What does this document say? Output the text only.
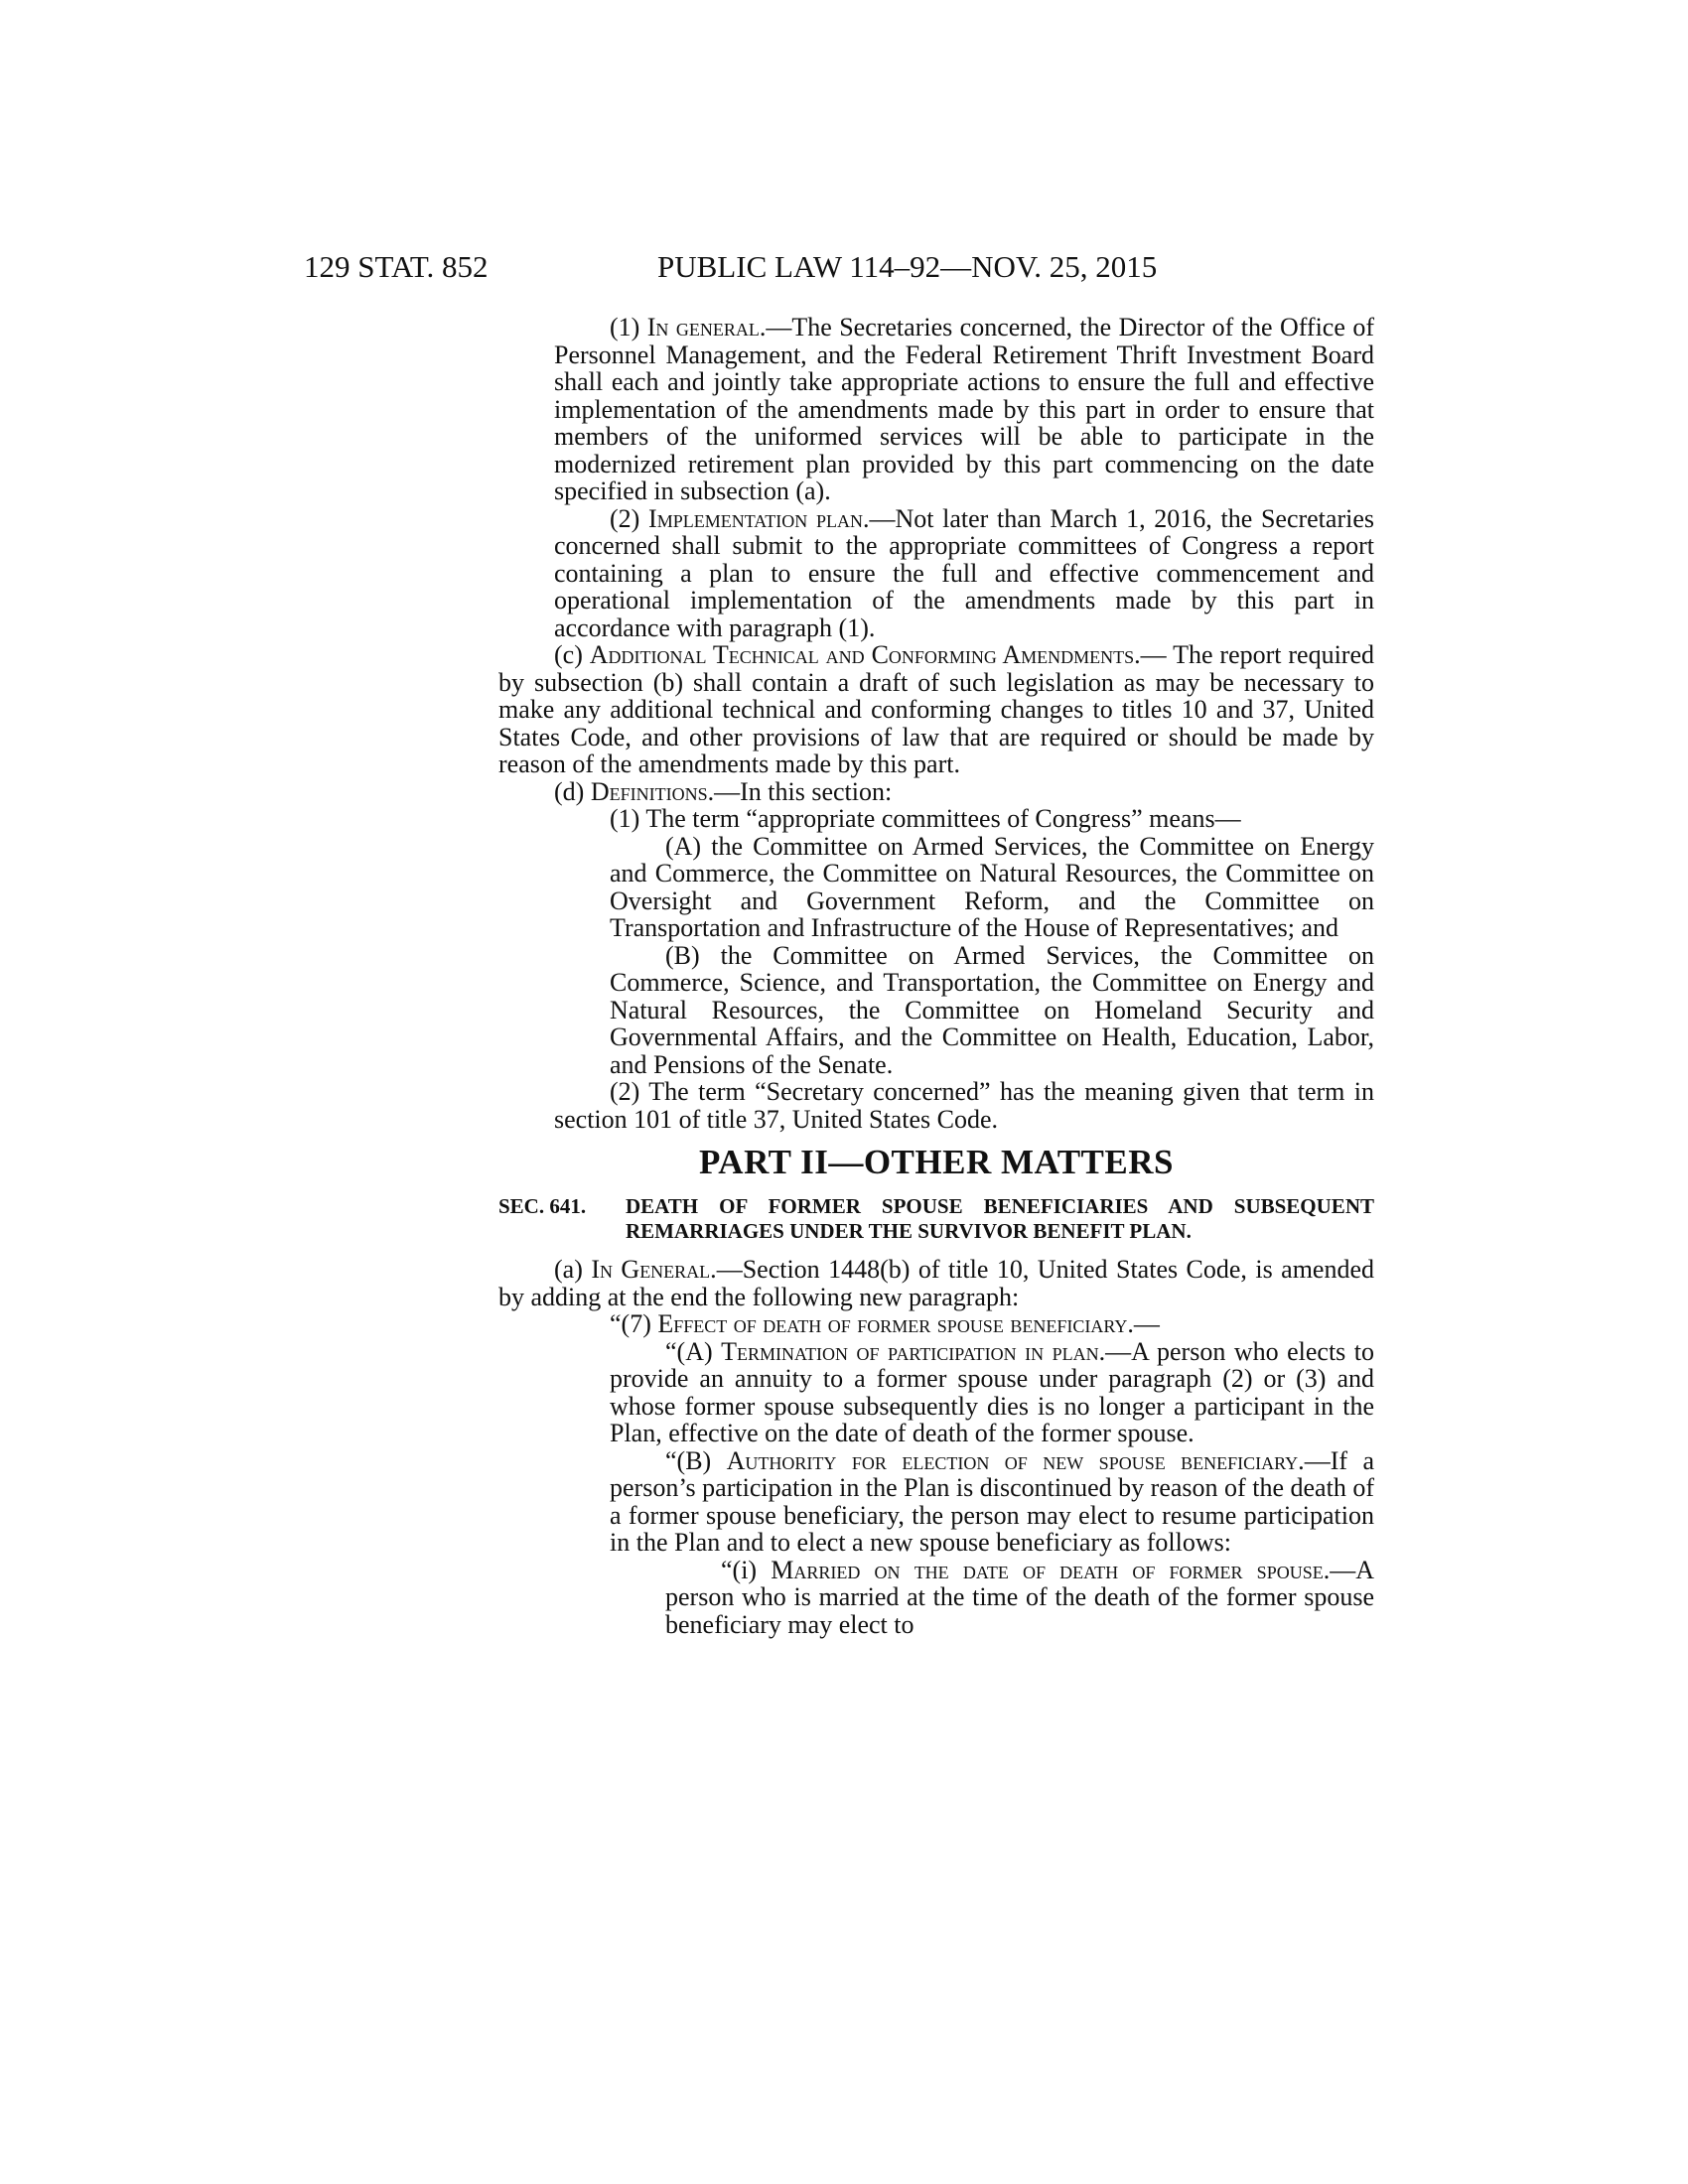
129 STAT. 852	PUBLIC LAW 114–92—NOV. 25, 2015

(1) In general.—The Secretaries concerned, the Director of the Office of Personnel Management, and the Federal Retirement Thrift Investment Board shall each and jointly take appropriate actions to ensure the full and effective implementation of the amendments made by this part in order to ensure that members of the uniformed services will be able to participate in the modernized retirement plan provided by this part commencing on the date specified in subsection (a).

(2) Implementation plan.—Not later than March 1, 2016, the Secretaries concerned shall submit to the appropriate committees of Congress a report containing a plan to ensure the full and effective commencement and operational implementation of the amendments made by this part in accordance with paragraph (1).

(c) Additional Technical and Conforming Amendments.— The report required by subsection (b) shall contain a draft of such legislation as may be necessary to make any additional technical and conforming changes to titles 10 and 37, United States Code, and other provisions of law that are required or should be made by reason of the amendments made by this part.

(d) Definitions.—In this section:

(1) The term “appropriate committees of Congress” means—

(A) the Committee on Armed Services, the Committee on Energy and Commerce, the Committee on Natural Resources, the Committee on Oversight and Government Reform, and the Committee on Transportation and Infrastructure of the House of Representatives; and

(B) the Committee on Armed Services, the Committee on Commerce, Science, and Transportation, the Committee on Energy and Natural Resources, the Committee on Homeland Security and Governmental Affairs, and the Committee on Health, Education, Labor, and Pensions of the Senate.

(2) The term “Secretary concerned” has the meaning given that term in section 101 of title 37, United States Code.

PART II—OTHER MATTERS
SEC. 641. DEATH OF FORMER SPOUSE BENEFICIARIES AND SUBSEQUENT REMARRIAGES UNDER THE SURVIVOR BENEFIT PLAN.

(a) In General.—Section 1448(b) of title 10, United States Code, is amended by adding at the end the following new paragraph:

“(7) Effect of death of former spouse beneficiary.—

“(A) Termination of participation in plan.—A person who elects to provide an annuity to a former spouse under paragraph (2) or (3) and whose former spouse subsequently dies is no longer a participant in the Plan, effective on the date of death of the former spouse.

“(B) Authority for election of new spouse beneficiary.—If a person’s participation in the Plan is discontinued by reason of the death of a former spouse beneficiary, the person may elect to resume participation in the Plan and to elect a new spouse beneficiary as follows:

“(i) Married on the date of death of former spouse.—A person who is married at the time of the death of the former spouse beneficiary may elect to
